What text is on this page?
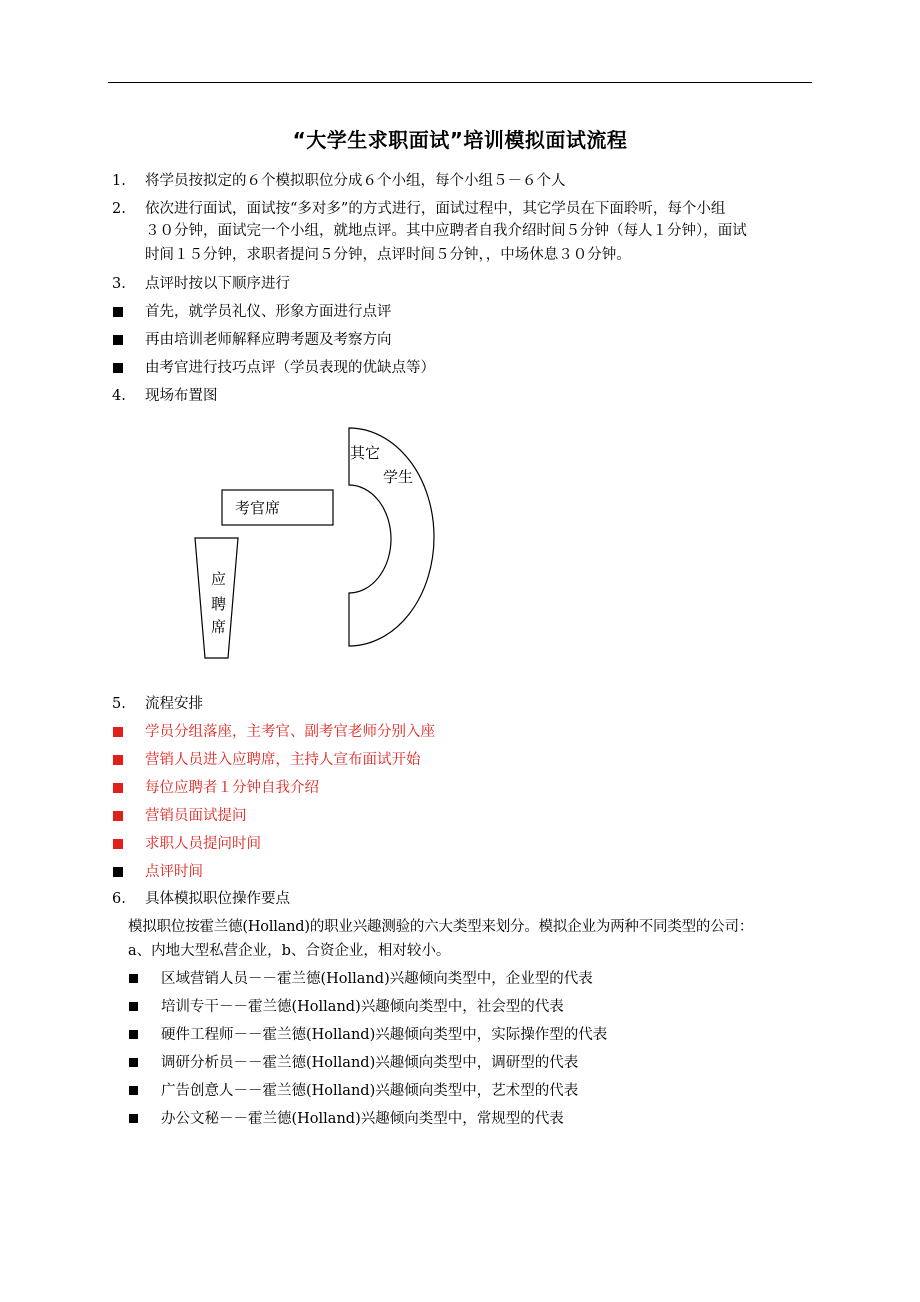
“大学生求职面试”培训模拟面试流程
1. 将学员按拟定的６个模拟职位分成６个小组，每个小组５－６个人
2. 依次进行面试，面试按“多对多”的方式进行，面试过程中，其它学员在下面聆听，每个小组
３０分钟，面试完一个小组，就地点评。其中应聘者自我介绍时间５分钟（每人１分钟），面试
时间１５分钟，求职者提问５分钟，点评时间５分钟，，中场休息３０分钟。
3. 点评时按以下顺序进行
首先，就学员礼仪、形象方面进行点评
再由培训老师解释应聘考题及考察方向
由考官进行技巧点评（学员表现的优缺点等）
4. 现场布置图
考官席
应
聘
席
其它
学生
5. 流程安排
学员分组落座，主考官、副考官老师分别入座
营销人员进入应聘席，主持人宣布面试开始
每位应聘者１分钟自我介绍
营销员面试提问
求职人员提问时间
点评时间
6. 具体模拟职位操作要点
模拟职位按霍兰德(Holland)的职业兴趣测验的六大类型来划分。模拟企业为两种不同类型的公司：
a、内地大型私营企业，b、合资企业，相对较小。
区域营销人员－－霍兰德(Holland)兴趣倾向类型中，企业型的代表
培训专干－－霍兰德(Holland)兴趣倾向类型中，社会型的代表
硬件工程师－－霍兰德(Holland)兴趣倾向类型中，实际操作型的代表
调研分析员－－霍兰德(Holland)兴趣倾向类型中，调研型的代表
广告创意人－－霍兰德(Holland)兴趣倾向类型中，艺术型的代表
办公文秘－－霍兰德(Holland)兴趣倾向类型中，常规型的代表
